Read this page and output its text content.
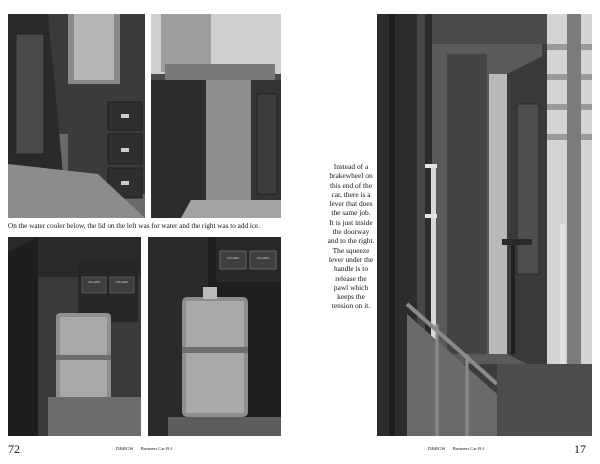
On the water cooler below, the lid on the left was for water and the right was to add ice.
CIGARS	CIGARS
CIGARS	CIGARS
72	D&RGW Business Car B-1
Instead of a
brakewheel on
this end of the
car, there is a
lever that does
the same job.
It is just inside
the doorway
and to the right.
The squeeze
lever under the
handle is to
release the
pawl which
keeps the
tension on it.
D&RGW Business Car B-1	17
